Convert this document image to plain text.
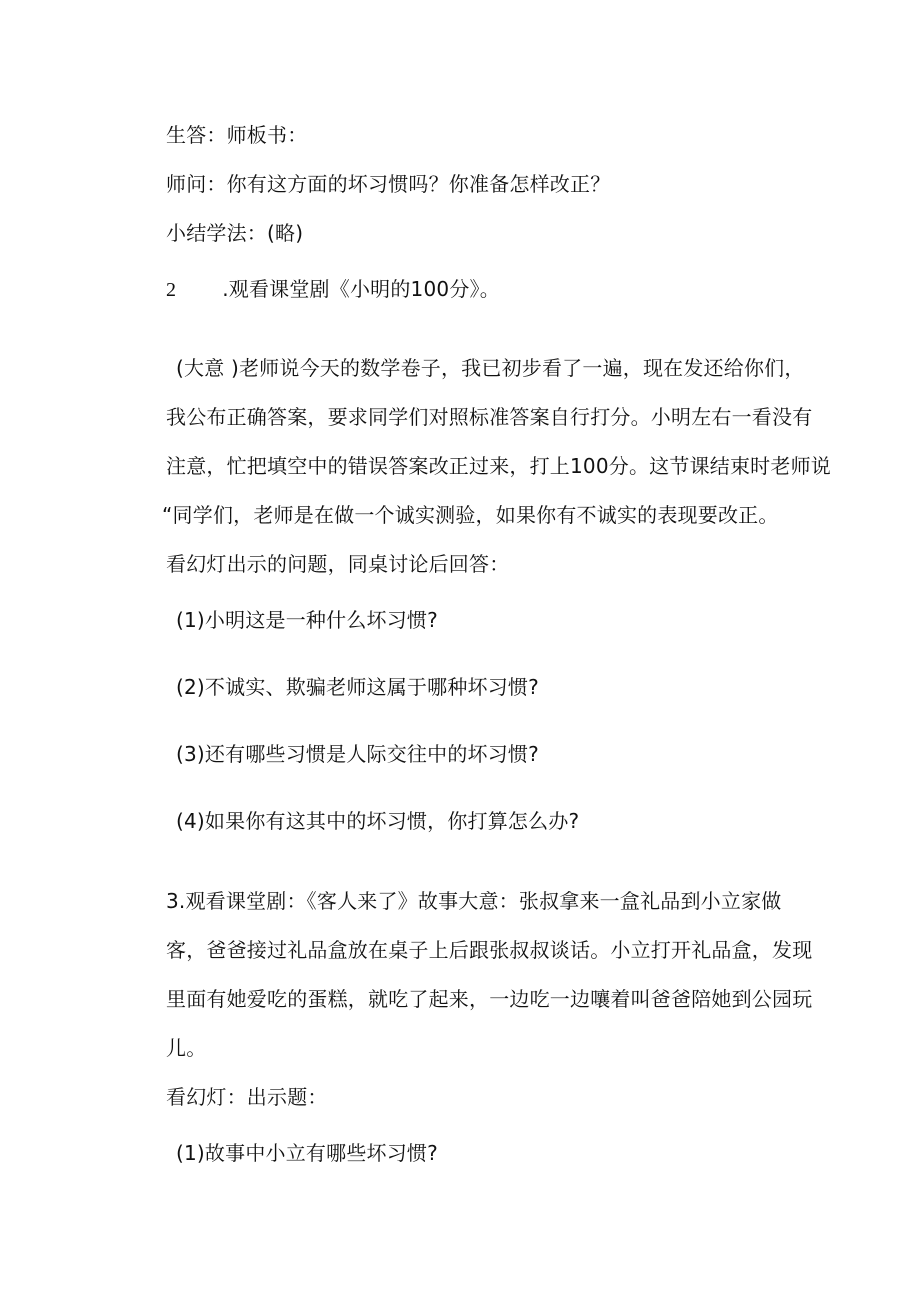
生答：师板书：
师问：你有这方面的坏习惯吗？你准备怎样改正？
小结学法：(略)
2 .观看课堂剧《小明的100分》。
(大意 )老师说今天的数学卷子，我已初步看了一遍，现在发还给你们，
我公布正确答案，要求同学们对照标准答案自行打分。小明左右一看没有
注意，忙把填空中的错误答案改正过来，打上100分。这节课结束时老师说
“同学们，老师是在做一个诚实测验，如果你有不诚实的表现要改正。
看幻灯出示的问题，同桌讨论后回答：
(1)小明这是一种什么坏习惯?
(2)不诚实、欺骗老师这属于哪种坏习惯?
(3)还有哪些习惯是人际交往中的坏习惯?
(4)如果你有这其中的坏习惯，你打算怎么办?
3.观看课堂剧：《客人来了》故事大意：张叔拿来一盒礼品到小立家做
客，爸爸接过礼品盒放在桌子上后跟张叔叔谈话。小立打开礼品盒，发现
里面有她爱吃的蛋糕，就吃了起来，一边吃一边嚷着叫爸爸陪她到公园玩
儿。
看幻灯：出示题：
(1)故事中小立有哪些坏习惯?
